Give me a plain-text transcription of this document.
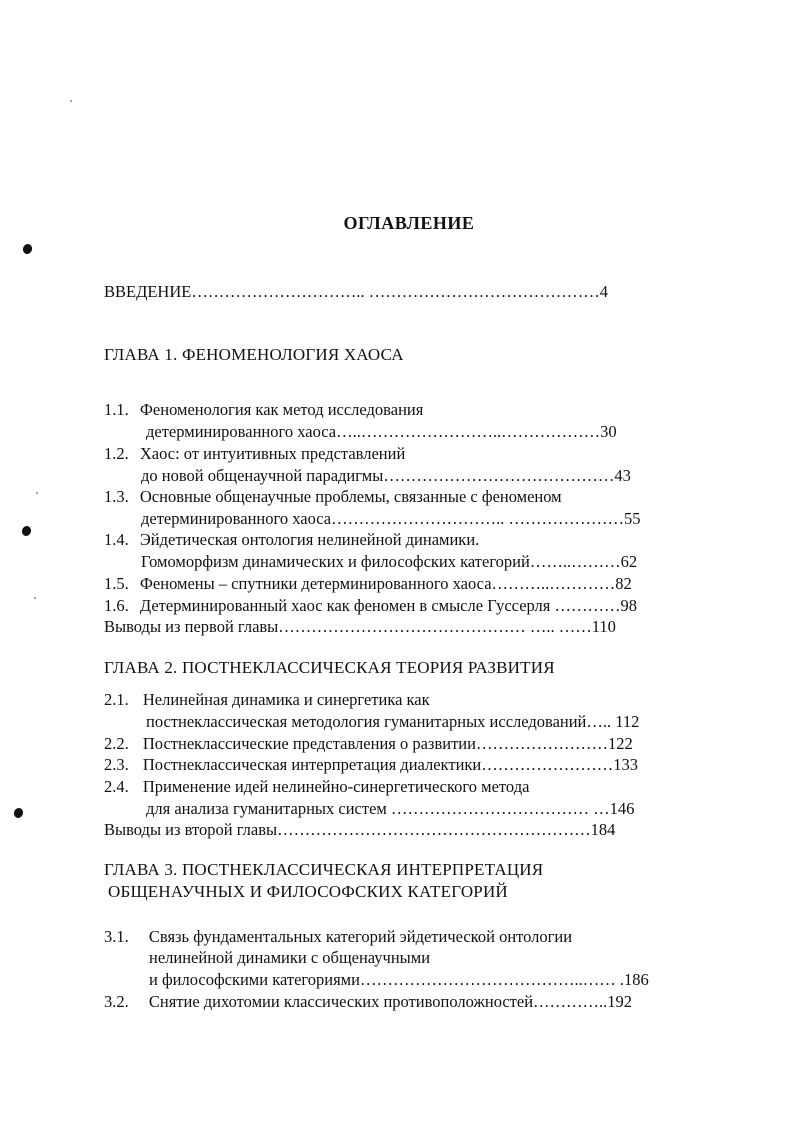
ОГЛАВЛЕНИЕ
ВВЕДЕНИЕ………………………….. ……………………………………4
ГЛАВА 1. ФЕНОМЕНОЛОГИЯ ХАОСА
1.1. Феноменология как метод исследования
детерминированного хаоса…..……………………..………………30
1.2. Хаос: от интуитивных представлений
до новой общенаучной парадигмы……………………………………43
1.3. Основные общенаучные проблемы, связанные с феноменом
детерминированного хаоса………………………….. …………………55
1.4. Эйдетическая онтология нелинейной динамики.
Гомоморфизм динамических и философских категорий……..………62
1.5. Феномены – спутники детерминированного хаоса………..…………82
1.6. Детерминированный хаос как феномен в смысле Гуссерля …………98
Выводы из первой главы……………………………………… ….. ……110
ГЛАВА 2. ПОСТНЕКЛАССИЧЕСКАЯ ТЕОРИЯ РАЗВИТИЯ
2.1. Нелинейная динамика и синергетика как
постнеклассическая методология гуманитарных исследований….. 112
2.2. Постнеклассические представления о развитии……………………122
2.3. Постнеклассическая интерпретация диалектики……………………133
2.4. Применение идей нелинейно-синергетического метода
для анализа гуманитарных систем ……………………………… …146
Выводы из второй главы…………………………………………………184
ГЛАВА 3. ПОСТНЕКЛАССИЧЕСКАЯ ИНТЕРПРЕТАЦИЯ
ОБЩЕНАУЧНЫХ И ФИЛОСОФСКИХ КАТЕГОРИЙ
3.1. Связь фундаментальных категорий эйдетической онтологии
нелинейной динамики с общенаучными
и философскими категориями…………………………………..…… .186
3.2. Снятие дихотомии классических противоположностей…………..192
